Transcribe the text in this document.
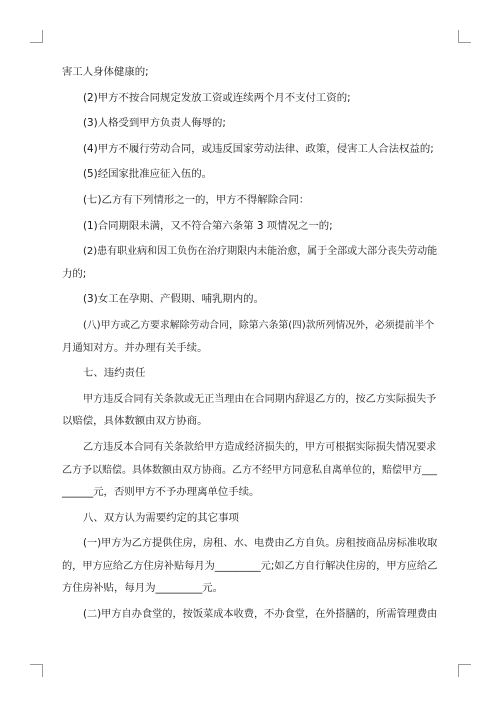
害工人身体健康的;

(2)甲方不按合同规定发放工资或连续两个月不支付工资的;

(3)人格受到甲方负责人侮辱的;

(4)甲方不履行劳动合同，或违反国家劳动法律、政策，侵害工人合法权益的;

(5)经国家批准应征入伍的。

(七)乙方有下列情形之一的，甲方不得解除合同：

(1)合同期限未满，又不符合第六条第 3 项情况之一的;

(2)患有职业病和因工负伤在治疗期限内未能治愈，属于全部或大部分丧失劳动能

力的;

(3)女工在孕期、产假期、哺乳期内的。

(八)甲方或乙方要求解除劳动合同，除第六条第(四)款所列情况外，必须提前半个

月通知对方。并办理有关手续。

七、违约责任

甲方违反合同有关条款或无正当理由在合同期内辞退乙方的，按乙方实际损失予

以赔偿，具体数额由双方协商。

乙方违反本合同有关条款给甲方造成经济损失的，甲方可根据实际损失情况要求

乙方予以赔偿。具体数额由双方协商。乙方不经甲方同意私自离单位的，赔偿甲方___

______元，否则甲方不予办理离单位手续。

八、双方认为需要约定的其它事项

(一)甲方为乙方提供住房，房租、水、电费由乙方自负。房租按商品房标准收取

的，甲方应给乙方住房补贴每月为_________元;如乙方自行解决住房的，甲方应给乙

方住房补贴，每月为_________元。

(二)甲方自办食堂的，按饭菜成本收费，不办食堂，在外搭膳的，所需管理费由
